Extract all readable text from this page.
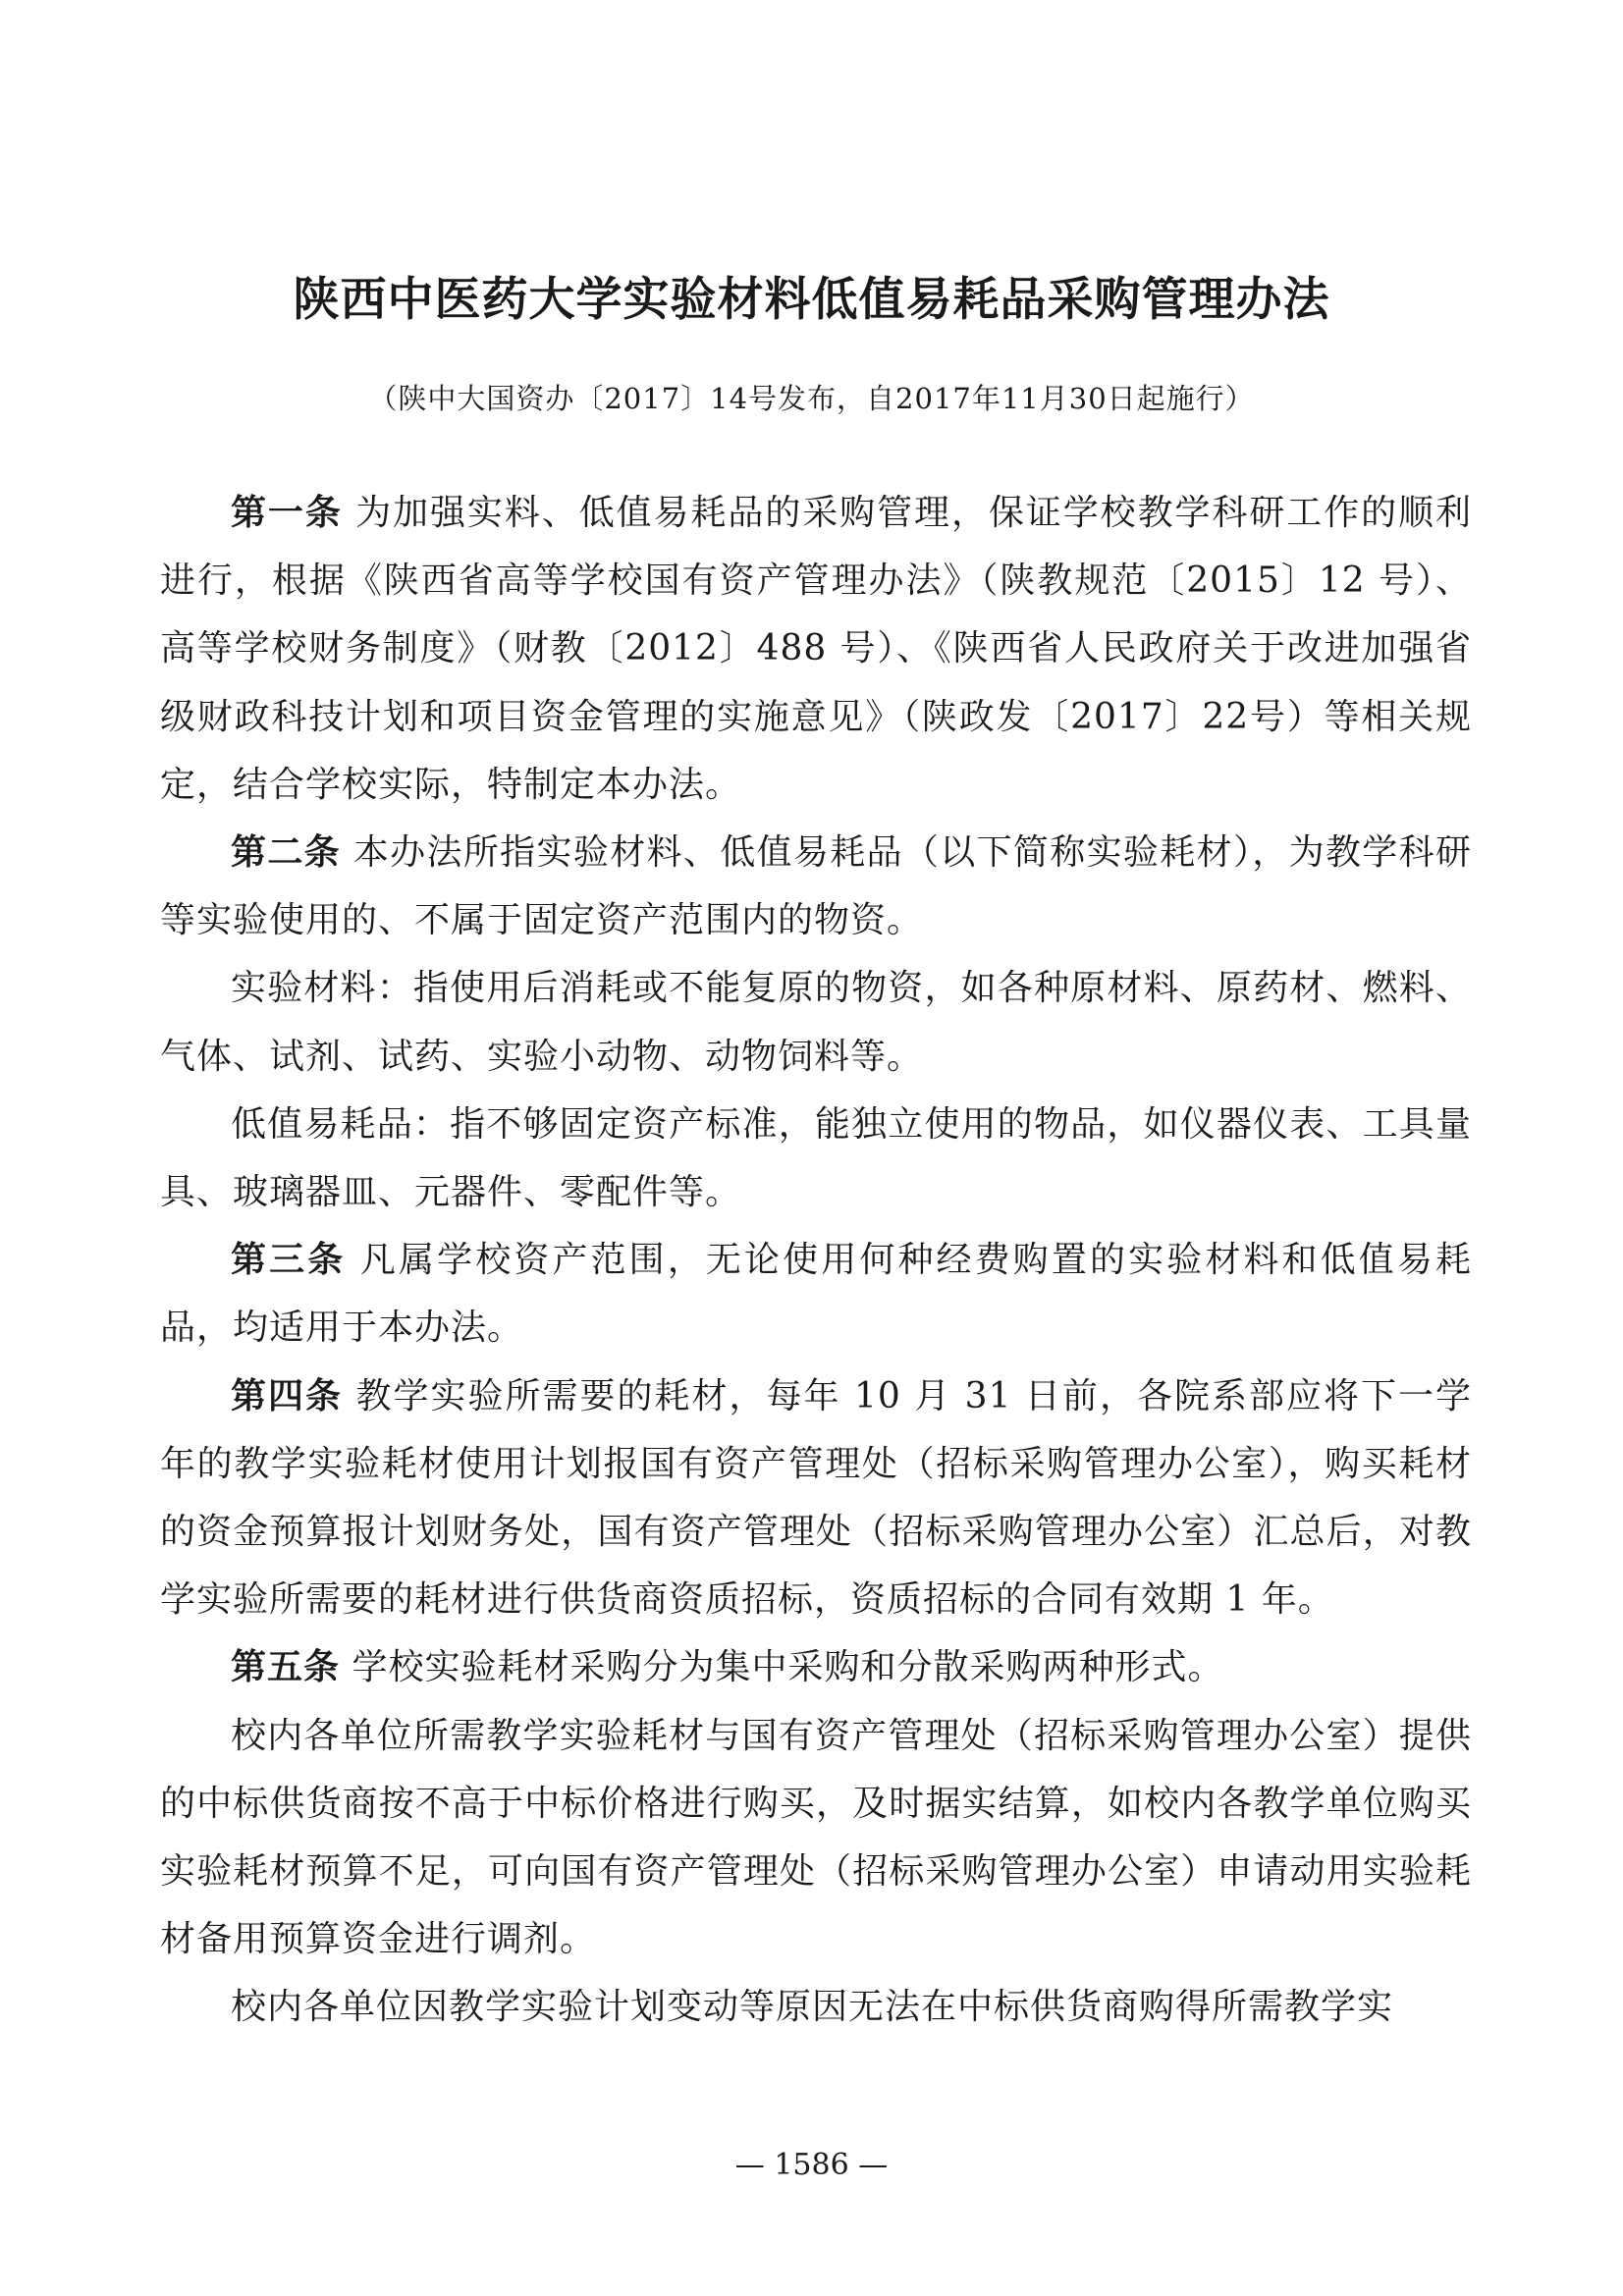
陕西中医药大学实验材料低值易耗品采购管理办法
（陕中大国资办〔2017〕14号发布，自2017年11月30日起施行）

第一条 为加强实料、低值易耗品的采购管理，保证学校教学科研工作的顺利进行，根据《陕西省高等学校国有资产管理办法》（陕教规范〔2015〕12 号）、高等学校财务制度》（财教〔2012〕488 号）、《陕西省人民政府关于改进加强省级财政科技计划和项目资金管理的实施意见》（陕政发〔2017〕22号）等相关规定，结合学校实际，特制定本办法。

第二条 本办法所指实验材料、低值易耗品（以下简称实验耗材），为教学科研等实验使用的、不属于固定资产范围内的物资。

实验材料：指使用后消耗或不能复原的物资，如各种原材料、原药材、燃料、气体、试剂、试药、实验小动物、动物饲料等。

低值易耗品：指不够固定资产标准，能独立使用的物品，如仪器仪表、工具量具、玻璃器皿、元器件、零配件等。

第三条 凡属学校资产范围，无论使用何种经费购置的实验材料和低值易耗品，均适用于本办法。

第四条 教学实验所需要的耗材，每年 10 月 31 日前，各院系部应将下一学年的教学实验耗材使用计划报国有资产管理处（招标采购管理办公室），购买耗材的资金预算报计划财务处，国有资产管理处（招标采购管理办公室）汇总后，对教学实验所需要的耗材进行供货商资质招标，资质招标的合同有效期 1 年。

第五条 学校实验耗材采购分为集中采购和分散采购两种形式。

校内各单位所需教学实验耗材与国有资产管理处（招标采购管理办公室）提供的中标供货商按不高于中标价格进行购买，及时据实结算，如校内各教学单位购买实验耗材预算不足，可向国有资产管理处（招标采购管理办公室）申请动用实验耗材备用预算资金进行调剂。

校内各单位因教学实验计划变动等原因无法在中标供货商购得所需教学实

— 1586 —
